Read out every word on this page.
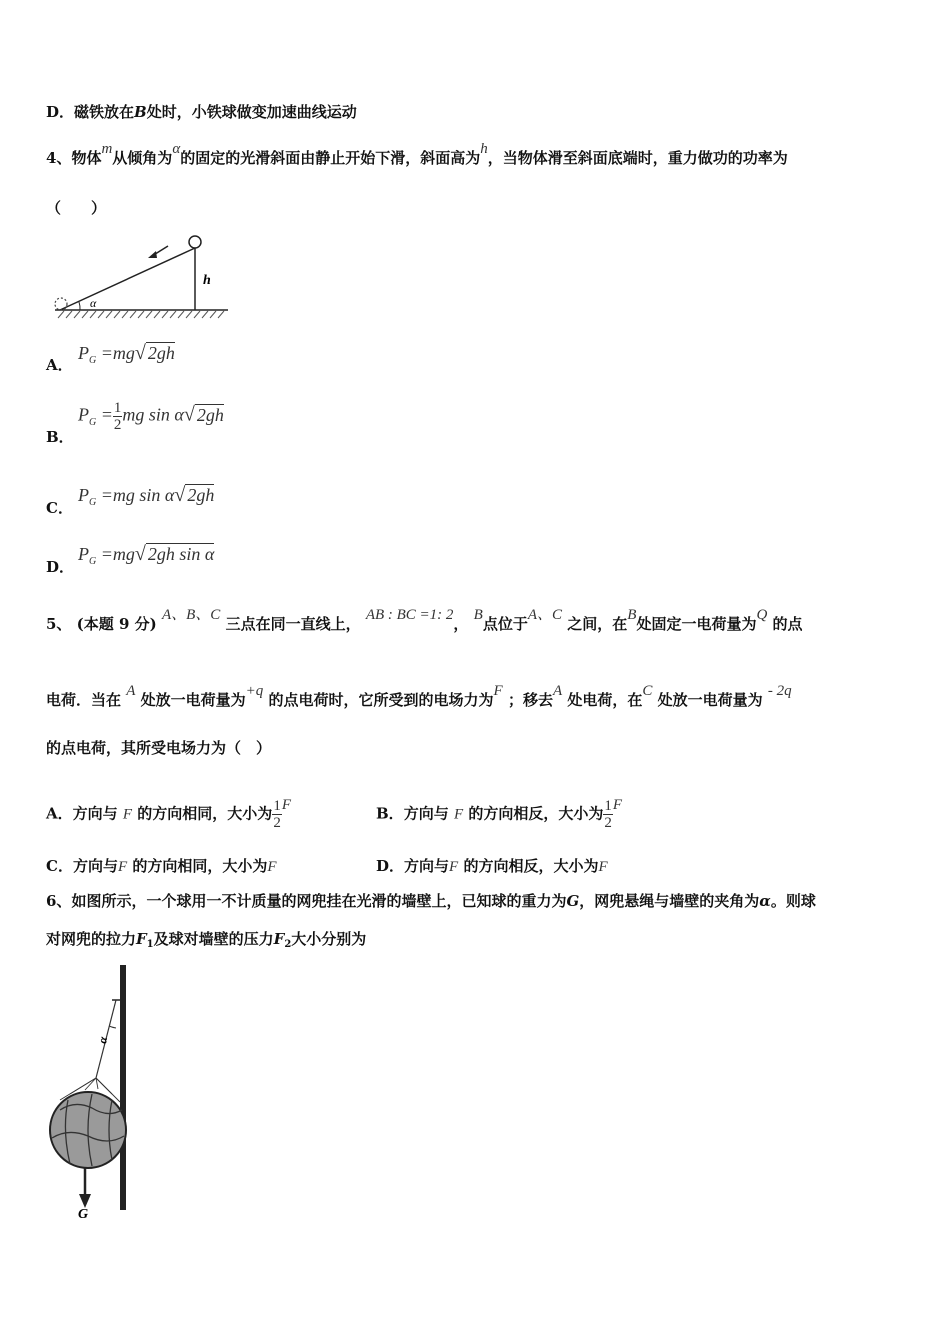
D．磁铁放在B处时，小铁球做变加速曲线运动
4、物体m从倾角为α的固定的光滑斜面由静止开始下滑，斜面高为h，当物体滑至斜面底端时，重力做功的功率为
（　　）
α
h
A．
$P_G =mg√$ 2gh
B．
$P_G = \frac{1}{2}$ mg sin α√ 2gh
C．
$P_G =mg$ sin α√ 2gh
D．
$P_G =mg√$ 2gh sin α
5、 (本题 9 分) A、B、C 三点在同一直线上， AB : BC =1: 2， B点位于A、C 之间，在B处固定一电荷量为Q 的点
电荷．当在 A 处放一电荷量为+q 的点电荷时，它所受到的电场力为F ；移去A 处电荷，在C 处放一电荷量为 - 2q
的点电荷，其所受电场力为（　）
A．方向与 F 的方向相同，大小为 $\frac{1}{2}$ F	B．方向与 F 的方向相反，大小为 $\frac{1}{2}$ F
C．方向与F 的方向相同，大小为F	D．方向与F 的方向相反，大小为F
6、如图所示，一个球用一不计质量的网兜挂在光滑的墙壁上，已知球的重力为G，网兜悬绳与墙壁的夹角为α。则球
对网兜的拉力$F_1$及球对墙壁的压力$F_2$大小分别为
α
G
